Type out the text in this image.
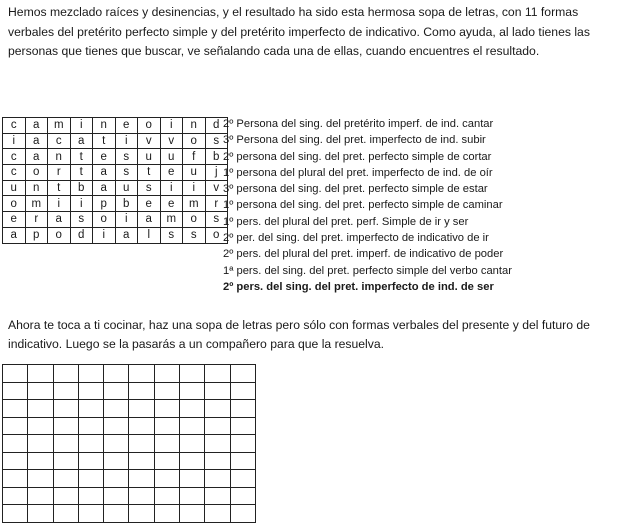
Hemos mezclado raíces y desinencias, y el resultado ha sido esta hermosa sopa de letras, con 11 formas verbales del pretérito perfecto simple y del pretérito imperfecto de indicativo. Como ayuda, al lado tienes las personas que tienes que buscar, ve señalando cada una de ellas, cuando encuentres el resultado.

c	a	m	i	n	e	o	i	n	d
i	a	c	a	t	i	v	v	o	s
c	a	n	t	e	s	u	u	f	b
c	o	r	t	a	s	t	e	u	j
u	n	t	b	a	u	s	i	i	v
o	m	i	i	p	b	e	e	m	r
e	r	a	s	o	i	a	m	o	s
a	p	o	d	i	a	l	s	s	o
2º Persona del sing. del pretérito imperf. de ind. cantar
3º Persona del sing. del pret. imperfecto de ind. subir
2º persona del sing. del pret. perfecto simple de cortar
1º persona del plural del pret. imperfecto de ind. de oír
3º persona del sing. del pret. perfecto simple de estar
1º persona del sing. del pret. perfecto simple de caminar
1º pers. del plural del pret. perf. Simple de ir y ser
2º per. del sing. del pret. imperfecto de indicativo de ir
2º pers. del plural del pret. imperf. de indicativo de poder
1ª pers. del sing. del pret. perfecto simple del verbo cantar
2º pers. del sing. del pret. imperfecto de ind. de ser

Ahora te toca a ti cocinar, haz una sopa de letras pero sólo con formas verbales del presente y del futuro de indicativo. Luego se la pasarás a un compañero para que la resuelva.
